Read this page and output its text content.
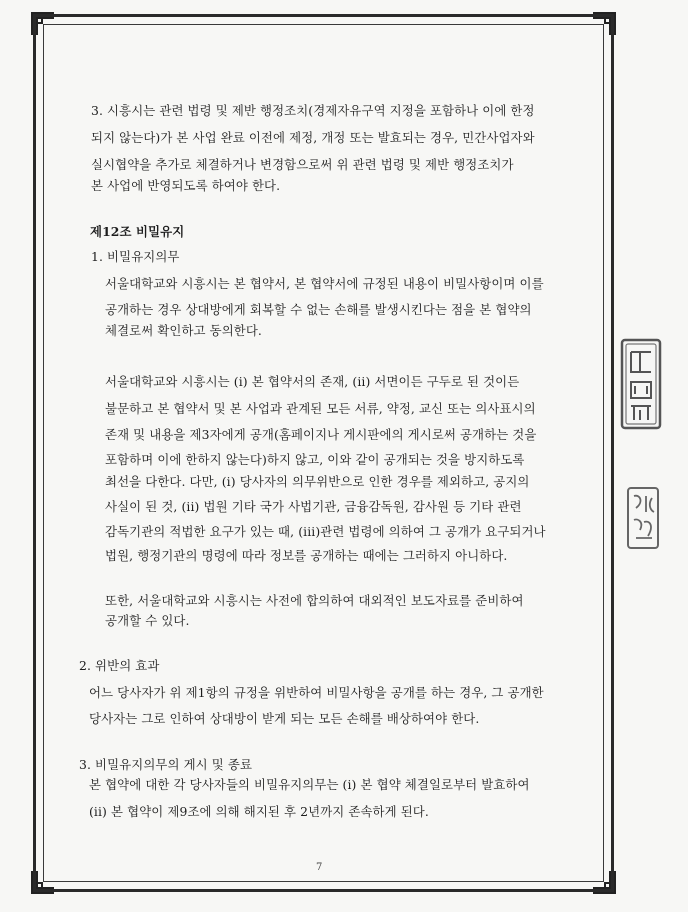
3. 시흥시는 관련 법령 및 제반 행정조치(경제자유구역 지정을 포함하나 이에 한정
되지 않는다)가 본 사업 완료 이전에 제정, 개정 또는 발효되는 경우, 민간사업자와
실시협약을 추가로 체결하거나 변경함으로써 위 관련 법령 및 제반 행정조치가
본 사업에 반영되도록 하여야 한다.
제12조 비밀유지
1. 비밀유지의무
서울대학교와 시흥시는 본 협약서, 본 협약서에 규정된 내용이 비밀사항이며 이를
공개하는 경우 상대방에게 회복할 수 없는 손해를 발생시킨다는 점을 본 협약의
체결로써 확인하고 동의한다.
서울대학교와 시흥시는 (i) 본 협약서의 존재, (ii) 서면이든 구두로 된 것이든
불문하고 본 협약서 및 본 사업과 관계된 모든 서류, 약정, 교신 또는 의사표시의
존재 및 내용을 제3자에게 공개(홈페이지나 게시판에의 게시로써 공개하는 것을
포함하며 이에 한하지 않는다)하지 않고, 이와 같이 공개되는 것을 방지하도록
최선을 다한다. 다만, (i) 당사자의 의무위반으로 인한 경우를 제외하고, 공지의
사실이 된 것, (ii) 법원 기타 국가 사법기관, 금융감독원, 감사원 등 기타 관련
감독기관의 적법한 요구가 있는 때, (iii)관련 법령에 의하여 그 공개가 요구되거나
법원, 행정기관의 명령에 따라 정보를 공개하는 때에는 그러하지 아니하다.
또한, 서울대학교와 시흥시는 사전에 합의하여 대외적인 보도자료를 준비하여
공개할 수 있다.
2. 위반의 효과
어느 당사자가 위 제1항의 규정을 위반하여 비밀사항을 공개를 하는 경우, 그 공개한
당사자는 그로 인하여 상대방이 받게 되는 모든 손해를 배상하여야 한다.
3. 비밀유지의무의 게시 및 종료
본 협약에 대한 각 당사자들의 비밀유지의무는 (i) 본 협약 체결일로부터 발효하여
(ii) 본 협약이 제9조에 의해 해지된 후 2년까지 존속하게 된다.
7
